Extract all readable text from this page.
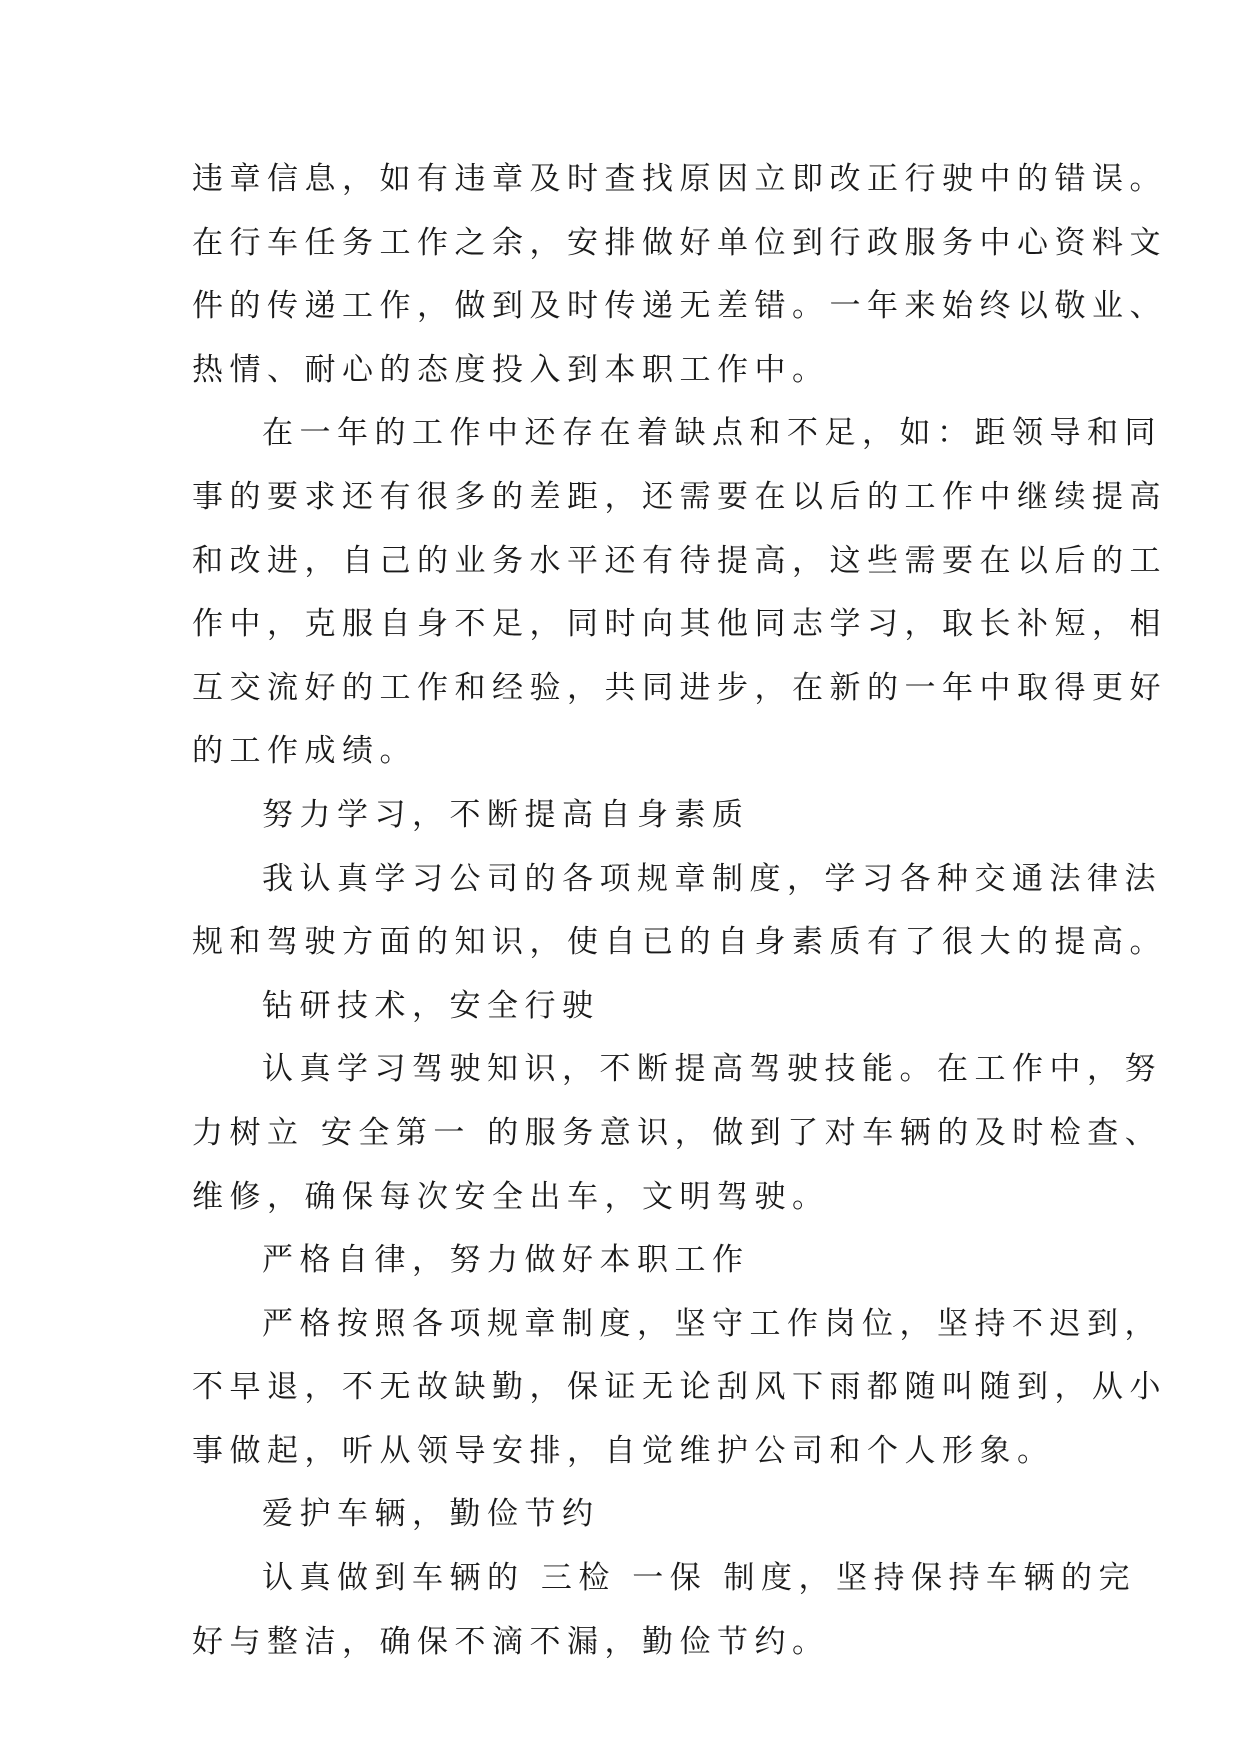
违章信息，如有违章及时查找原因立即改正行驶中的错误。
在行车任务工作之余，安排做好单位到行政服务中心资料文
件的传递工作，做到及时传递无差错。一年来始终以敬业、
热情、耐心的态度投入到本职工作中。
在一年的工作中还存在着缺点和不足，如：距领导和同
事的要求还有很多的差距，还需要在以后的工作中继续提高
和改进，自己的业务水平还有待提高，这些需要在以后的工
作中，克服自身不足，同时向其他同志学习，取长补短，相
互交流好的工作和经验，共同进步，在新的一年中取得更好
的工作成绩。
努力学习，不断提高自身素质
我认真学习公司的各项规章制度，学习各种交通法律法
规和驾驶方面的知识，使自已的自身素质有了很大的提高。
钻研技术，安全行驶
认真学习驾驶知识，不断提高驾驶技能。在工作中，努
力树立 安全第一 的服务意识，做到了对车辆的及时检查、
维修，确保每次安全出车，文明驾驶。
严格自律，努力做好本职工作
严格按照各项规章制度，坚守工作岗位，坚持不迟到，
不早退，不无故缺勤，保证无论刮风下雨都随叫随到，从小
事做起，听从领导安排，自觉维护公司和个人形象。
爱护车辆，勤俭节约
认真做到车辆的 三检 一保 制度，坚持保持车辆的完
好与整洁，确保不滴不漏，勤俭节约。
